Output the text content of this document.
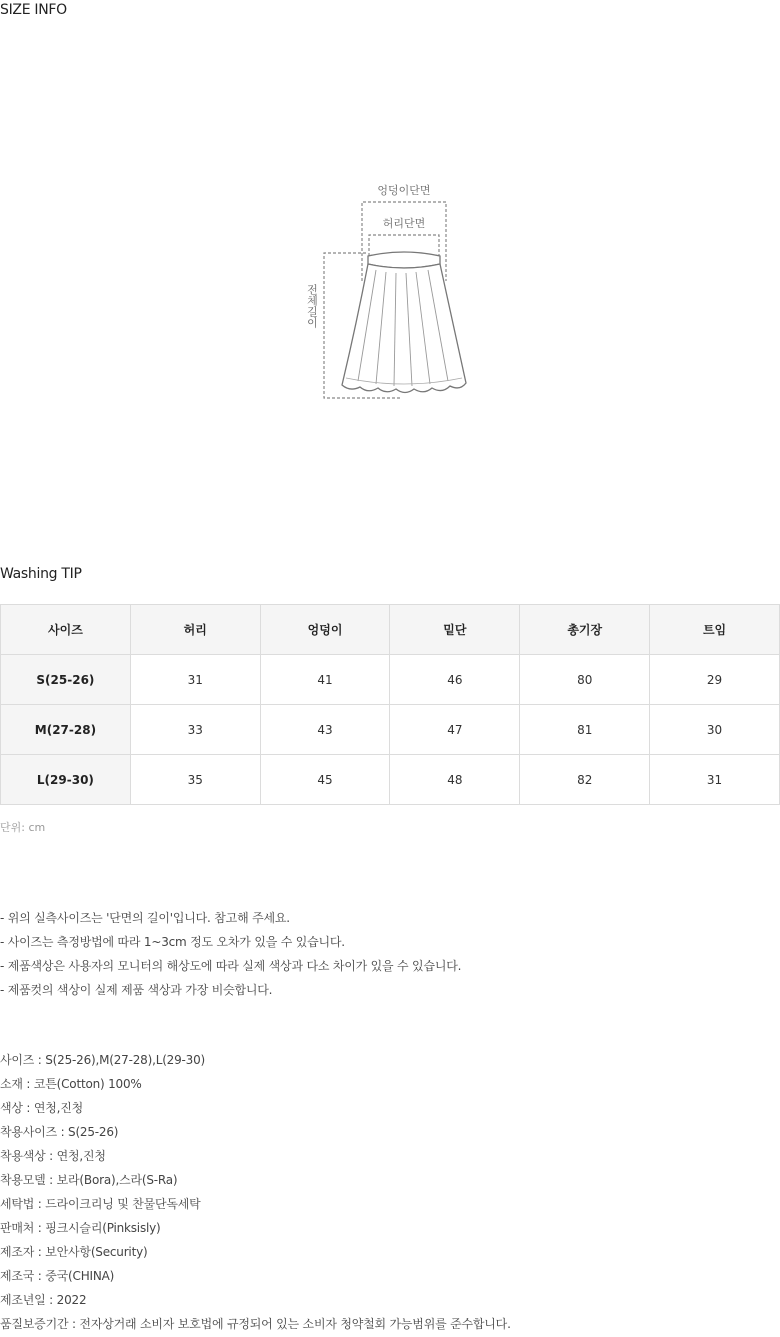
SIZE INFO
엉덩이단면
허리단면
전체길이
Washing TIP
사이즈	허리	엉덩이	밑단	총기장	트임
S(25-26)	31	41	46	80	29
M(27-28)	33	43	47	81	30
L(29-30)	35	45	48	82	31
단위: cm
- 위의 실측사이즈는 '단면의 길이'입니다. 참고해 주세요.
- 사이즈는 측정방법에 따라 1~3cm 정도 오차가 있을 수 있습니다.
- 제품색상은 사용자의 모니터의 해상도에 따라 실제 색상과 다소 차이가 있을 수 있습니다.
- 제품컷의 색상이 실제 제품 색상과 가장 비슷합니다.
사이즈 : S(25-26),M(27-28),L(29-30)
소재 : 코튼(Cotton) 100%
색상 : 연청,진청
착용사이즈 : S(25-26)
착용색상 : 연청,진청
착용모델 : 보라(Bora),스라(S-Ra)
세탁법 : 드라이크리닝 및 찬물단독세탁
판매처 : 핑크시슬리(Pinksisly)
제조자 : 보안사항(Security)
제조국 : 중국(CHINA)
제조년일 : 2022
품질보증기간 : 전자상거래 소비자 보호법에 규정되어 있는 소비자 청약철회 가능범위를 준수합니다.
